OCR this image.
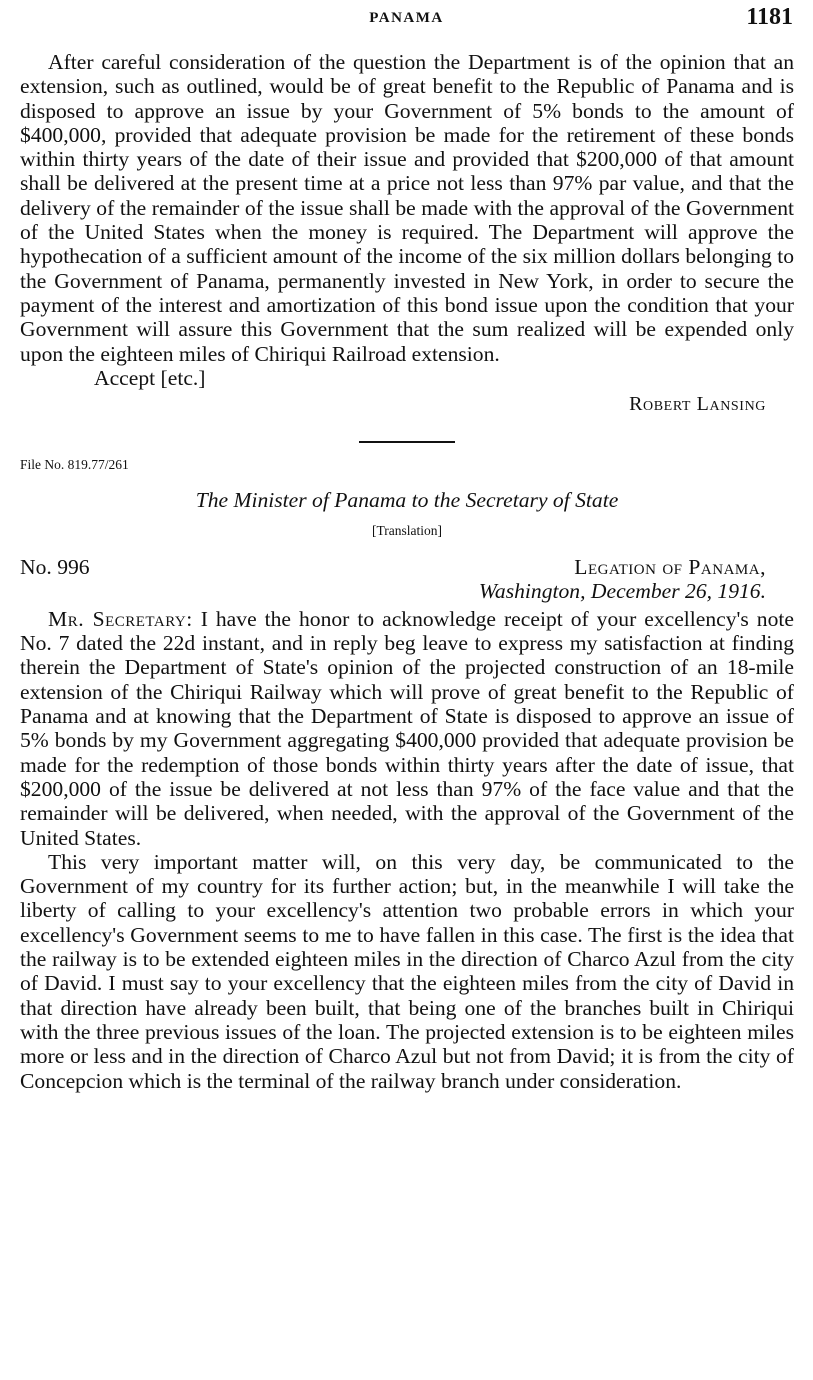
PANAMA	1181

After careful consideration of the question the Department is of the opinion that an extension, such as outlined, would be of great benefit to the Republic of Panama and is disposed to approve an issue by your Government of 5% bonds to the amount of $400,000, provided that adequate provision be made for the retirement of these bonds within thirty years of the date of their issue and provided that $200,000 of that amount shall be delivered at the present time at a price not less than 97% par value, and that the delivery of the remainder of the issue shall be made with the approval of the Government of the United States when the money is required. The Department will approve the hypothecation of a sufficient amount of the income of the six million dollars belonging to the Government of Panama, permanently invested in New York, in order to secure the payment of the interest and amortization of this bond issue upon the condition that your Government will assure this Government that the sum realized will be expended only upon the eighteen miles of Chiriqui Railroad extension.

Accept [etc.]
Robert Lansing
File No. 819.77/261
The Minister of Panama to the Secretary of State
[Translation]
No. 996	Legation of Panama,
Washington, December 26, 1916.

Mr. Secretary: I have the honor to acknowledge receipt of your excellency's note No. 7 dated the 22d instant, and in reply beg leave to express my satisfaction at finding therein the Department of State's opinion of the projected construction of an 18-mile extension of the Chiriqui Railway which will prove of great benefit to the Republic of Panama and at knowing that the Department of State is disposed to approve an issue of 5% bonds by my Government aggregating $400,000 provided that adequate provision be made for the redemption of those bonds within thirty years after the date of issue, that $200,000 of the issue be delivered at not less than 97% of the face value and that the remainder will be delivered, when needed, with the approval of the Government of the United States.

This very important matter will, on this very day, be communicated to the Government of my country for its further action; but, in the meanwhile I will take the liberty of calling to your excellency's attention two probable errors in which your excellency's Government seems to me to have fallen in this case. The first is the idea that the railway is to be extended eighteen miles in the direction of Charco Azul from the city of David. I must say to your excellency that the eighteen miles from the city of David in that direction have already been built, that being one of the branches built in Chiriqui with the three previous issues of the loan. The projected extension is to be eighteen miles more or less and in the direction of Charco Azul but not from David; it is from the city of Concepcion which is the terminal of the railway branch under consideration.
